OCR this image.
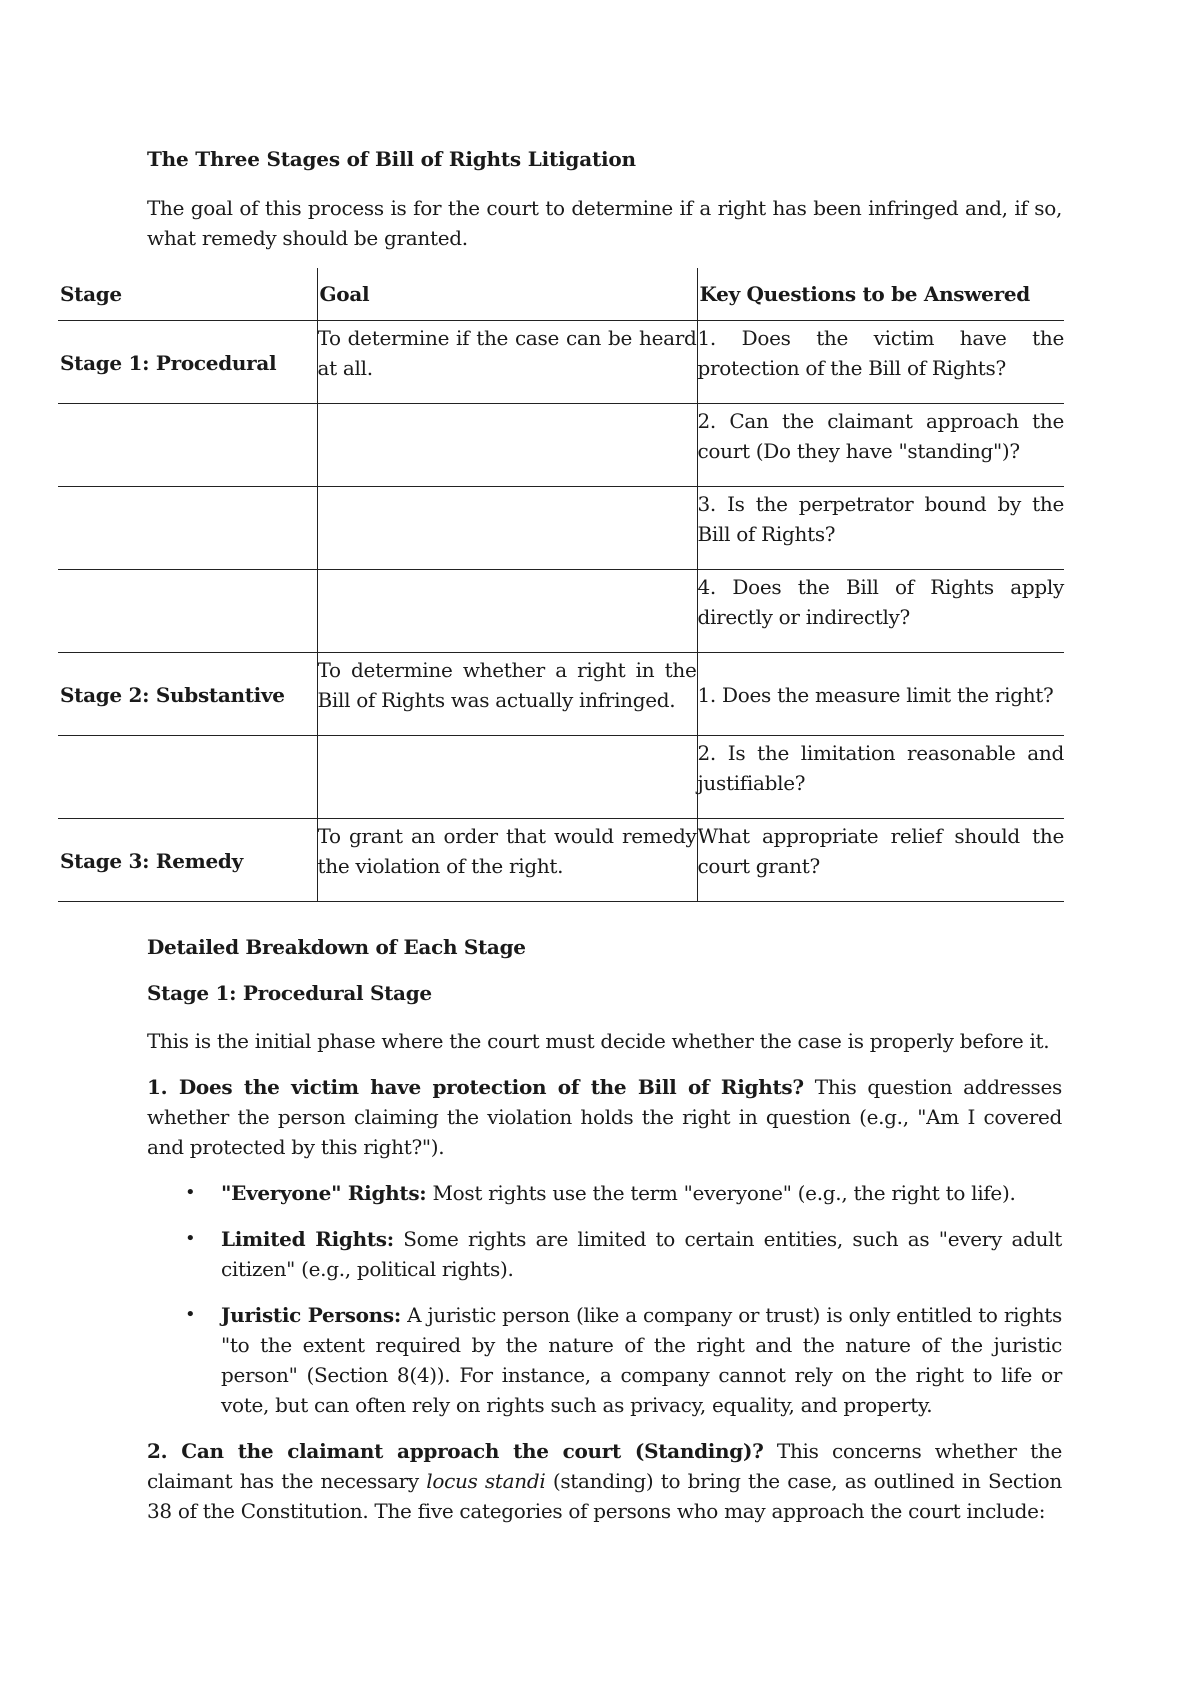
The Three Stages of Bill of Rights Litigation
The goal of this process is for the court to determine if a right has been infringed and, if so, what remedy should be granted.
Stage	Goal	Key Questions to be Answered
Stage 1: Procedural	To determine if the case can be heard at all.	1. Does the victim have the protection of the Bill of Rights?
		2. Can the claimant approach the court (Do they have "standing")?
		3. Is the perpetrator bound by the Bill of Rights?
		4. Does the Bill of Rights apply directly or indirectly?
Stage 2: Substantive	To determine whether a right in the Bill of Rights was actually infringed.	1. Does the measure limit the right?
		2. Is the limitation reasonable and justifiable?
Stage 3: Remedy	To grant an order that would remedy the violation of the right.	What appropriate relief should the court grant?
Detailed Breakdown of Each Stage
Stage 1: Procedural Stage

This is the initial phase where the court must decide whether the case is properly before it.

1. Does the victim have protection of the Bill of Rights? This question addresses whether the person claiming the violation holds the right in question (e.g., "Am I covered and protected by this right?").

• "Everyone" Rights: Most rights use the term "everyone" (e.g., the right to life).
• Limited Rights: Some rights are limited to certain entities, such as "every adult citizen" (e.g., political rights).
• Juristic Persons: A juristic person (like a company or trust) is only entitled to rights "to the extent required by the nature of the right and the nature of the juristic person" (Section 8(4)). For instance, a company cannot rely on the right to life or vote, but can often rely on rights such as privacy, equality, and property.

2. Can the claimant approach the court (Standing)? This concerns whether the claimant has the necessary locus standi (standing) to bring the case, as outlined in Section 38 of the Constitution. The five categories of persons who may approach the court include:
